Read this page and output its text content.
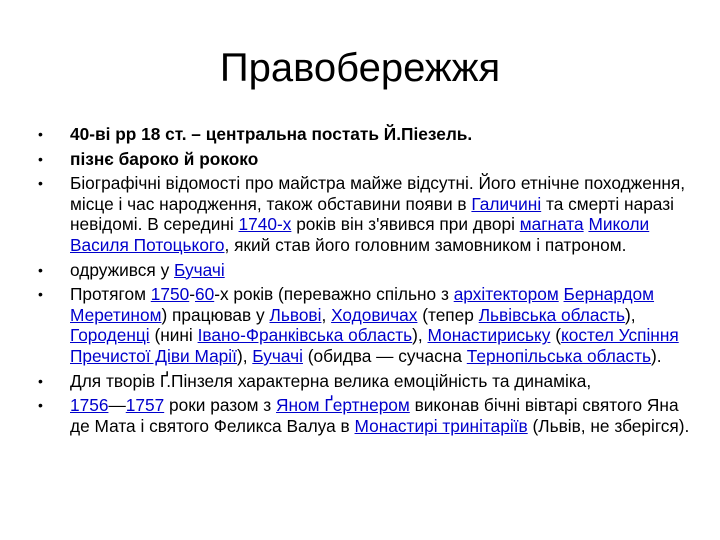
Правобережжя
• 40-ві рр 18 ст. – центральна постать Й.Піезель.
• пізнє бароко й рококо
• Біографічні відомості про майстра майже відсутні. Його етнічне походження, місце і час народження, також обставини появи в Галичині та смерті наразі невідомі. В середині 1740-х років він з'явився при дворі магната Миколи Василя Потоцького, який став його головним замовником і патроном.
• одружився у Бучачі
• Протягом 1750-60-х років (переважно спільно з архітектором Бернардом Меретином) працював у Львові, Ходовичах (тепер Львівська область), Городенці (нині Івано-Франківська область), Монастириську (костел Успіння Пречистої Діви Марії), Бучачі (обидва — сучасна Тернопільська область).
• Для творів Ґ.Пінзеля характерна велика емоційність та динаміка,
• 1756—1757 роки разом з Яном Ґертнером виконав бічні вівтарі святого Яна де Мата і святого Феликса Валуа в Монастирі тринітаріїв (Львів, не зберігся).
